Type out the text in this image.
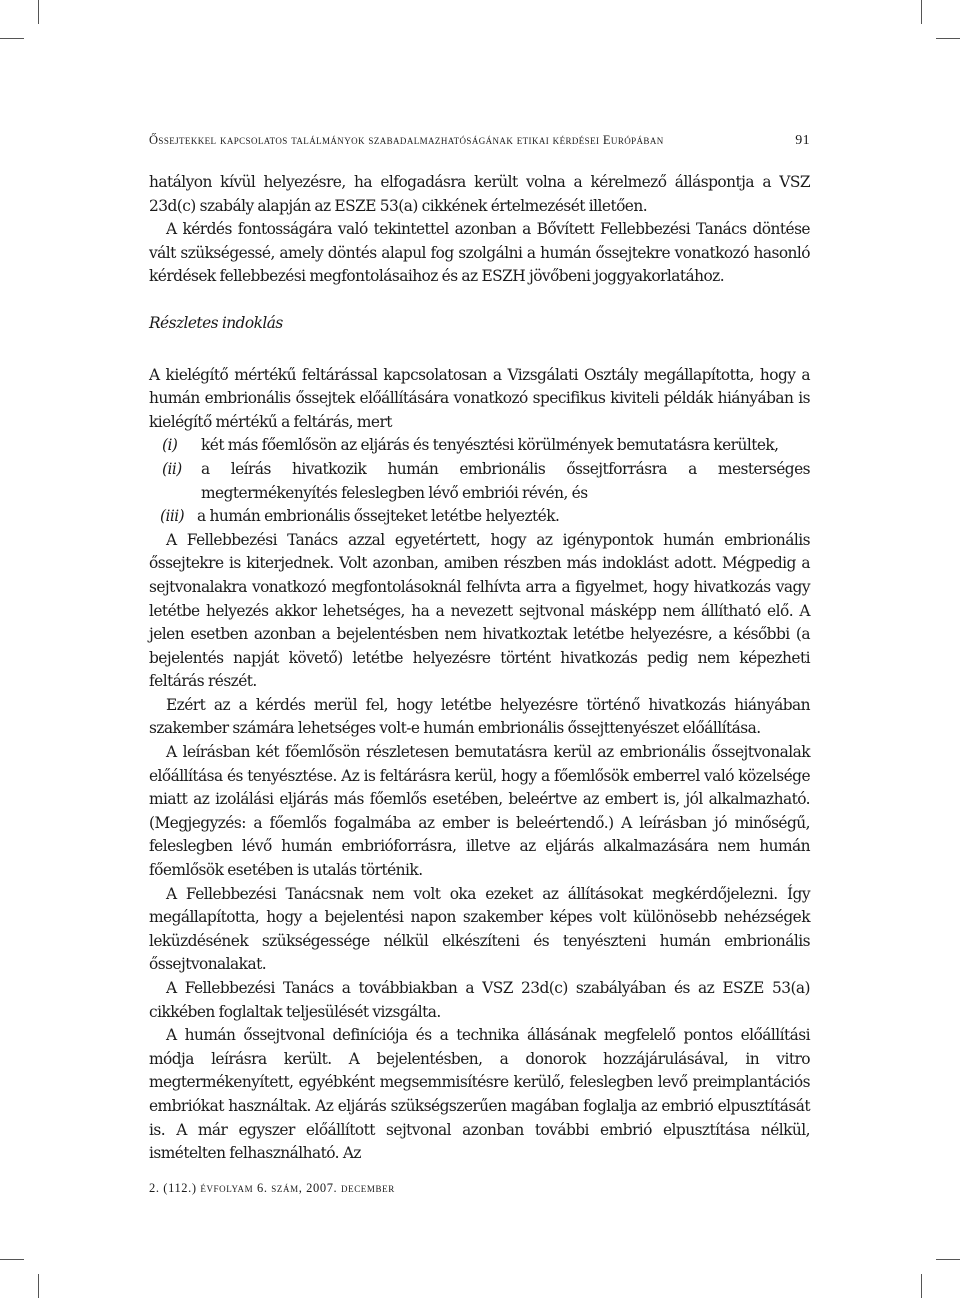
Őssejtekkel kapcsolatos találmányok szabadalmazhatóságának etikai kérdései Európában	91

hatályon kívül helyezésre, ha elfogadásra került volna a kérelmező álláspontja a VSZ 23d(c) szabály alapján az ESZE 53(a) cikkének értelmezését illetően.

A kérdés fontosságára való tekintettel azonban a Bővített Fellebbezési Tanács döntése vált szükségessé, amely döntés alapul fog szolgálni a humán őssejtekre vonatkozó hasonló kérdések fellebbezési megfontolásaihoz és az ESZH jövőbeni joggyakorlatához.

Részletes indoklás

A kielégítő mértékű feltárással kapcsolatosan a Vizsgálati Osztály megállapította, hogy a humán embrionális őssejtek előállítására vonatkozó specifikus kiviteli példák hiányában is kielégítő mértékű a feltárás, mert

(i)	két más főemlősön az eljárás és tenyésztési körülmények bemutatásra kerültek,
(ii)	a leírás hivatkozik humán embrionális őssejtforrásra a mesterséges megtermékenyítés feleslegben lévő embriói révén, és
(iii) a humán embrionális őssejteket letétbe helyezték.

A Fellebbezési Tanács azzal egyetértett, hogy az igénypontok humán embrionális őssejtekre is kiterjednek. Volt azonban, amiben részben más indoklást adott. Mégpedig a sejtvonalakra vonatkozó megfontolásoknál felhívta arra a figyelmet, hogy hivatkozás vagy letétbe helyezés akkor lehetséges, ha a nevezett sejtvonal másképp nem állítható elő. A jelen esetben azonban a bejelentésben nem hivatkoztak letétbe helyezésre, a későbbi (a bejelentés napját követő) letétbe helyezésre történt hivatkozás pedig nem képezheti feltárás részét.

Ezért az a kérdés merül fel, hogy letétbe helyezésre történő hivatkozás hiányában szakember számára lehetséges volt-e humán embrionális őssejttenyészet előállítása.

A leírásban két főemlősön részletesen bemutatásra kerül az embrionális őssejtvonalak előállítása és tenyésztése. Az is feltárásra kerül, hogy a főemlősök emberrel való közelsége miatt az izolálási eljárás más főemlős esetében, beleértve az embert is, jól alkalmazható. (Megjegyzés: a főemlős fogalmába az ember is beleértendő.) A leírásban jó minőségű, feleslegben lévő humán embrióforrásra, illetve az eljárás alkalmazására nem humán főemlősök esetében is utalás történik.

A Fellebbezési Tanácsnak nem volt oka ezeket az állításokat megkérdőjelezni. Így megállapította, hogy a bejelentési napon szakember képes volt különösebb nehézségek leküzdésének szükségessége nélkül elkészíteni és tenyészteni humán embrionális őssejtvonalakat.

A Fellebbezési Tanács a továbbiakban a VSZ 23d(c) szabályában és az ESZE 53(a) cikkében foglaltak teljesülését vizsgálta.

A humán őssejtvonal definíciója és a technika állásának megfelelő pontos előállítási módja leírásra került. A bejelentésben, a donorok hozzájárulásával, in vitro megtermékenyített, egyébként megsemmisítésre kerülő, feleslegben levő preimplantációs embriókat használtak. Az eljárás szükségszerűen magában foglalja az embrió elpusztítását is. A már egyszer előállított sejtvonal azonban további embrió elpusztítása nélkül, ismételten felhasználható. Az

2. (112.) évfolyam 6. szám, 2007. december
